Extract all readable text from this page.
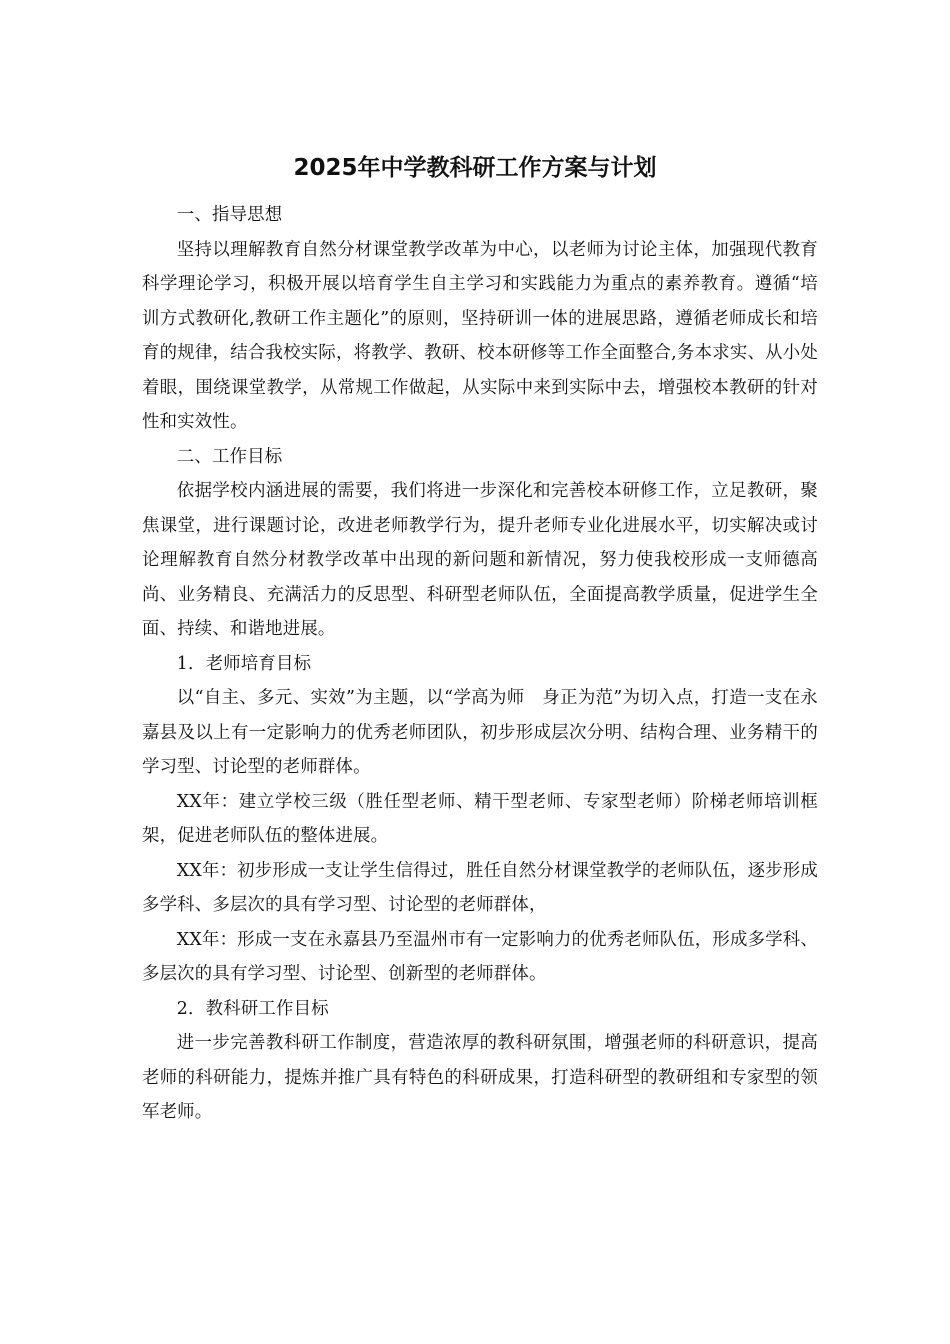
2025年中学教科研工作方案与计划

一、指导思想

坚持以理解教育自然分材课堂教学改革为中心，以老师为讨论主体，加强现代教育科学理论学习，积极开展以培育学生自主学习和实践能力为重点的素养教育。遵循“培训方式教研化,教研工作主题化”的原则，坚持研训一体的进展思路，遵循老师成长和培育的规律，结合我校实际，将教学、教研、校本研修等工作全面整合,务本求实、从小处着眼，围绕课堂教学，从常规工作做起，从实际中来到实际中去，增强校本教研的针对性和实效性。

二、工作目标

依据学校内涵进展的需要，我们将进一步深化和完善校本研修工作，立足教研，聚焦课堂，进行课题讨论，改进老师教学行为，提升老师专业化进展水平，切实解决或讨论理解教育自然分材教学改革中出现的新问题和新情况，努力使我校形成一支师德高尚、业务精良、充满活力的反思型、科研型老师队伍，全面提高教学质量，促进学生全面、持续、和谐地进展。

1．老师培育目标

以“自主、多元、实效”为主题，以“学高为师　身正为范”为切入点，打造一支在永嘉县及以上有一定影响力的优秀老师团队，初步形成层次分明、结构合理、业务精干的学习型、讨论型的老师群体。

XX年：建立学校三级（胜任型老师、精干型老师、专家型老师）阶梯老师培训框架，促进老师队伍的整体进展。

XX年：初步形成一支让学生信得过，胜任自然分材课堂教学的老师队伍，逐步形成多学科、多层次的具有学习型、讨论型的老师群体，

XX年：形成一支在永嘉县乃至温州市有一定影响力的优秀老师队伍，形成多学科、多层次的具有学习型、讨论型、创新型的老师群体。

2．教科研工作目标

进一步完善教科研工作制度，营造浓厚的教科研氛围，增强老师的科研意识，提高老师的科研能力，提炼并推广具有特色的科研成果，打造科研型的教研组和专家型的领军老师。
